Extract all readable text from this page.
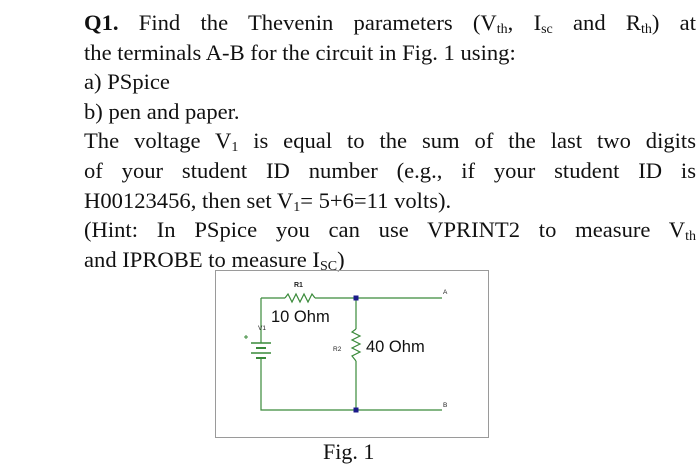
Q1. Find the Thevenin parameters ($V_{th}$, $I_{sc}$ and $R_{th}$) at
the terminals A-B for the circuit in Fig. 1 using:
a) PSpice
b) pen and paper.
The voltage $V_1$ is equal to the sum of the last two digits
of your student ID number (e.g., if your student ID is
H00123456, then set $V_1= 5+6=11$ volts).
(Hint: In PSpice you can use VPRINT2 to measure $V_{th}$
and IPROBE to measure $I_{SC}$)
R1
10 Ohm
V1
R2 40 Ohm
A
B
Fig. 1
